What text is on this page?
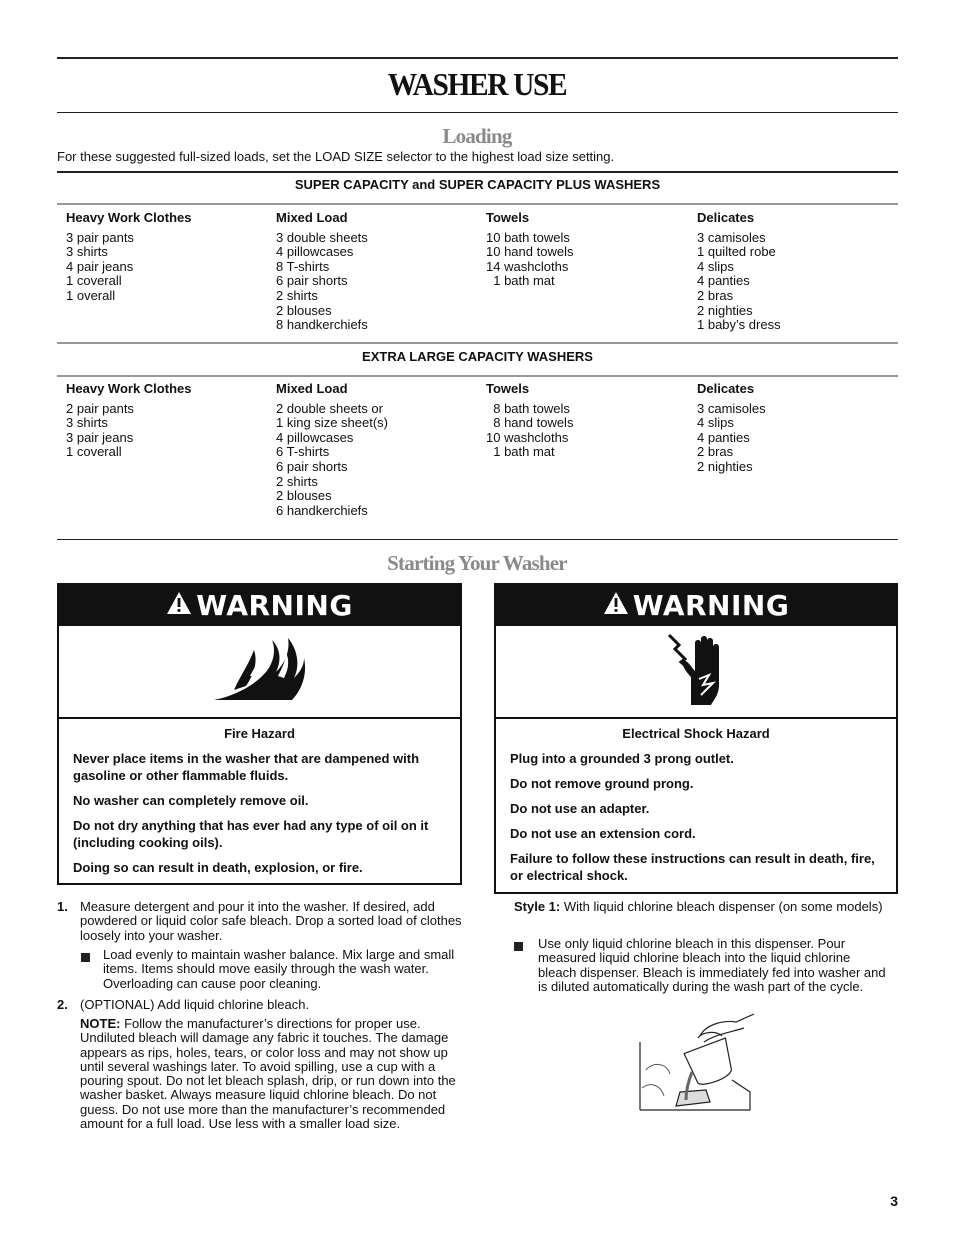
WASHER USE
Loading
For these suggested full-sized loads, set the LOAD SIZE selector to the highest load size setting.
SUPER CAPACITY and SUPER CAPACITY PLUS WASHERS
Heavy Work Clothes
3 pair pants
3 shirts
4 pair jeans
1 coverall
1 overall
Mixed Load
3 double sheets
4 pillowcases
8 T-shirts
6 pair shorts
2 shirts
2 blouses
8 handkerchiefs
Towels
10 bath towels
10 hand towels
14 washcloths
1 bath mat
Delicates
3 camisoles
1 quilted robe
4 slips
4 panties
2 bras
2 nighties
1 baby’s dress
EXTRA LARGE CAPACITY WASHERS
Heavy Work Clothes
2 pair pants
3 shirts
3 pair jeans
1 coverall
Mixed Load
2 double sheets or
1 king size sheet(s)
4 pillowcases
6 T-shirts
6 pair shorts
2 shirts
2 blouses
6 handkerchiefs
Towels
8 bath towels
8 hand towels
10 washcloths
1 bath mat
Delicates
3 camisoles
4 slips
4 panties
2 bras
2 nighties
Starting Your Washer
WARNING
Fire Hazard

Never place items in the washer that are dampened with gasoline or other flammable fluids.

No washer can completely remove oil.

Do not dry anything that has ever had any type of oil on it (including cooking oils).

Doing so can result in death, explosion, or fire.

WARNING
Electrical Shock Hazard

Plug into a grounded 3 prong outlet.

Do not remove ground prong.

Do not use an adapter.

Do not use an extension cord.

Failure to follow these instructions can result in death, fire, or electrical shock.

1. Measure detergent and pour it into the washer. If desired, add powdered or liquid color safe bleach. Drop a sorted load of clothes loosely into your washer.
Load evenly to maintain washer balance. Mix large and small items. Items should move easily through the wash water. Overloading can cause poor cleaning.
2. (OPTIONAL) Add liquid chlorine bleach.
NOTE: Follow the manufacturer’s directions for proper use. Undiluted bleach will damage any fabric it touches. The damage appears as rips, holes, tears, or color loss and may not show up until several washings later. To avoid spilling, use a cup with a pouring spout. Do not let bleach splash, drip, or run down into the washer basket. Always measure liquid chlorine bleach. Do not guess. Do not use more than the manufacturer’s recommended amount for a full load. Use less with a smaller load size.
Style 1: With liquid chlorine bleach dispenser (on some models)
Use only liquid chlorine bleach in this dispenser. Pour measured liquid chlorine bleach into the liquid chlorine bleach dispenser. Bleach is immediately fed into washer and is diluted automatically during the wash part of the cycle.
3
